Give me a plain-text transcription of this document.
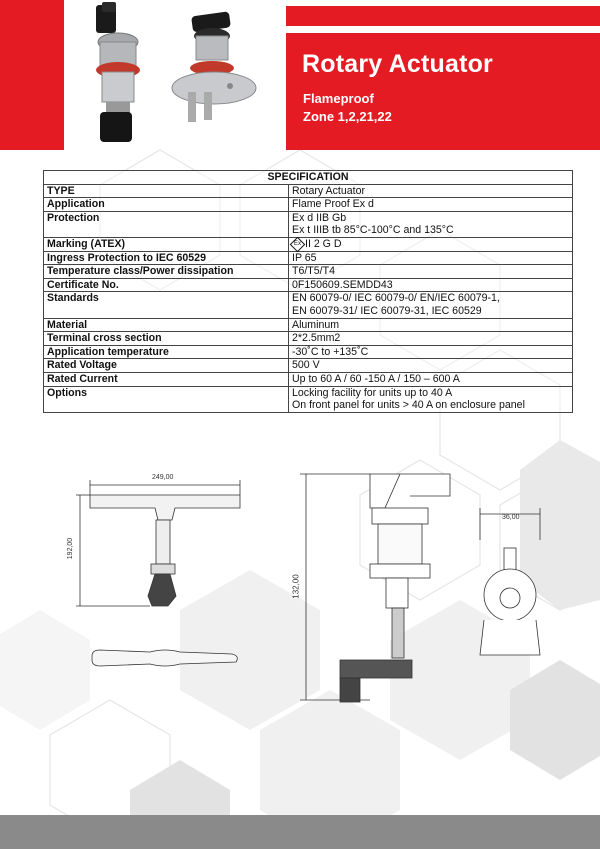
Rotary Actuator
Flameproof
Zone 1,2,21,22
SPECIFICATION	
TYPE	Rotary Actuator
Application	Flame Proof Ex d
Protection	Ex d IIB Gb
Ex t IIIB tb 85°C-100°C and 135°C

Marking (ATEX)	Ex II 2 G D
Ingress Protection to IEC 60529	IP 65
Temperature class/Power dissipation	T6/T5/T4
Certificate No.	0F150609.SEMDD43
Standards	EN 60079-0/ IEC 60079-0/ EN/IEC 60079-1,
EN 60079-31/ IEC 60079-31, IEC 60529

Material	Aluminum
Terminal cross section	2*2.5mm2
Application temperature	-30˚C to +135˚C
Rated Voltage	500 V
Rated Current	Up to 60 A / 60 -150 A / 150 – 600 A
Options	Locking facility for units up to 40 A
On front panel for units > 40 A on enclosure panel
249,00
192,00
132,00
36,00
